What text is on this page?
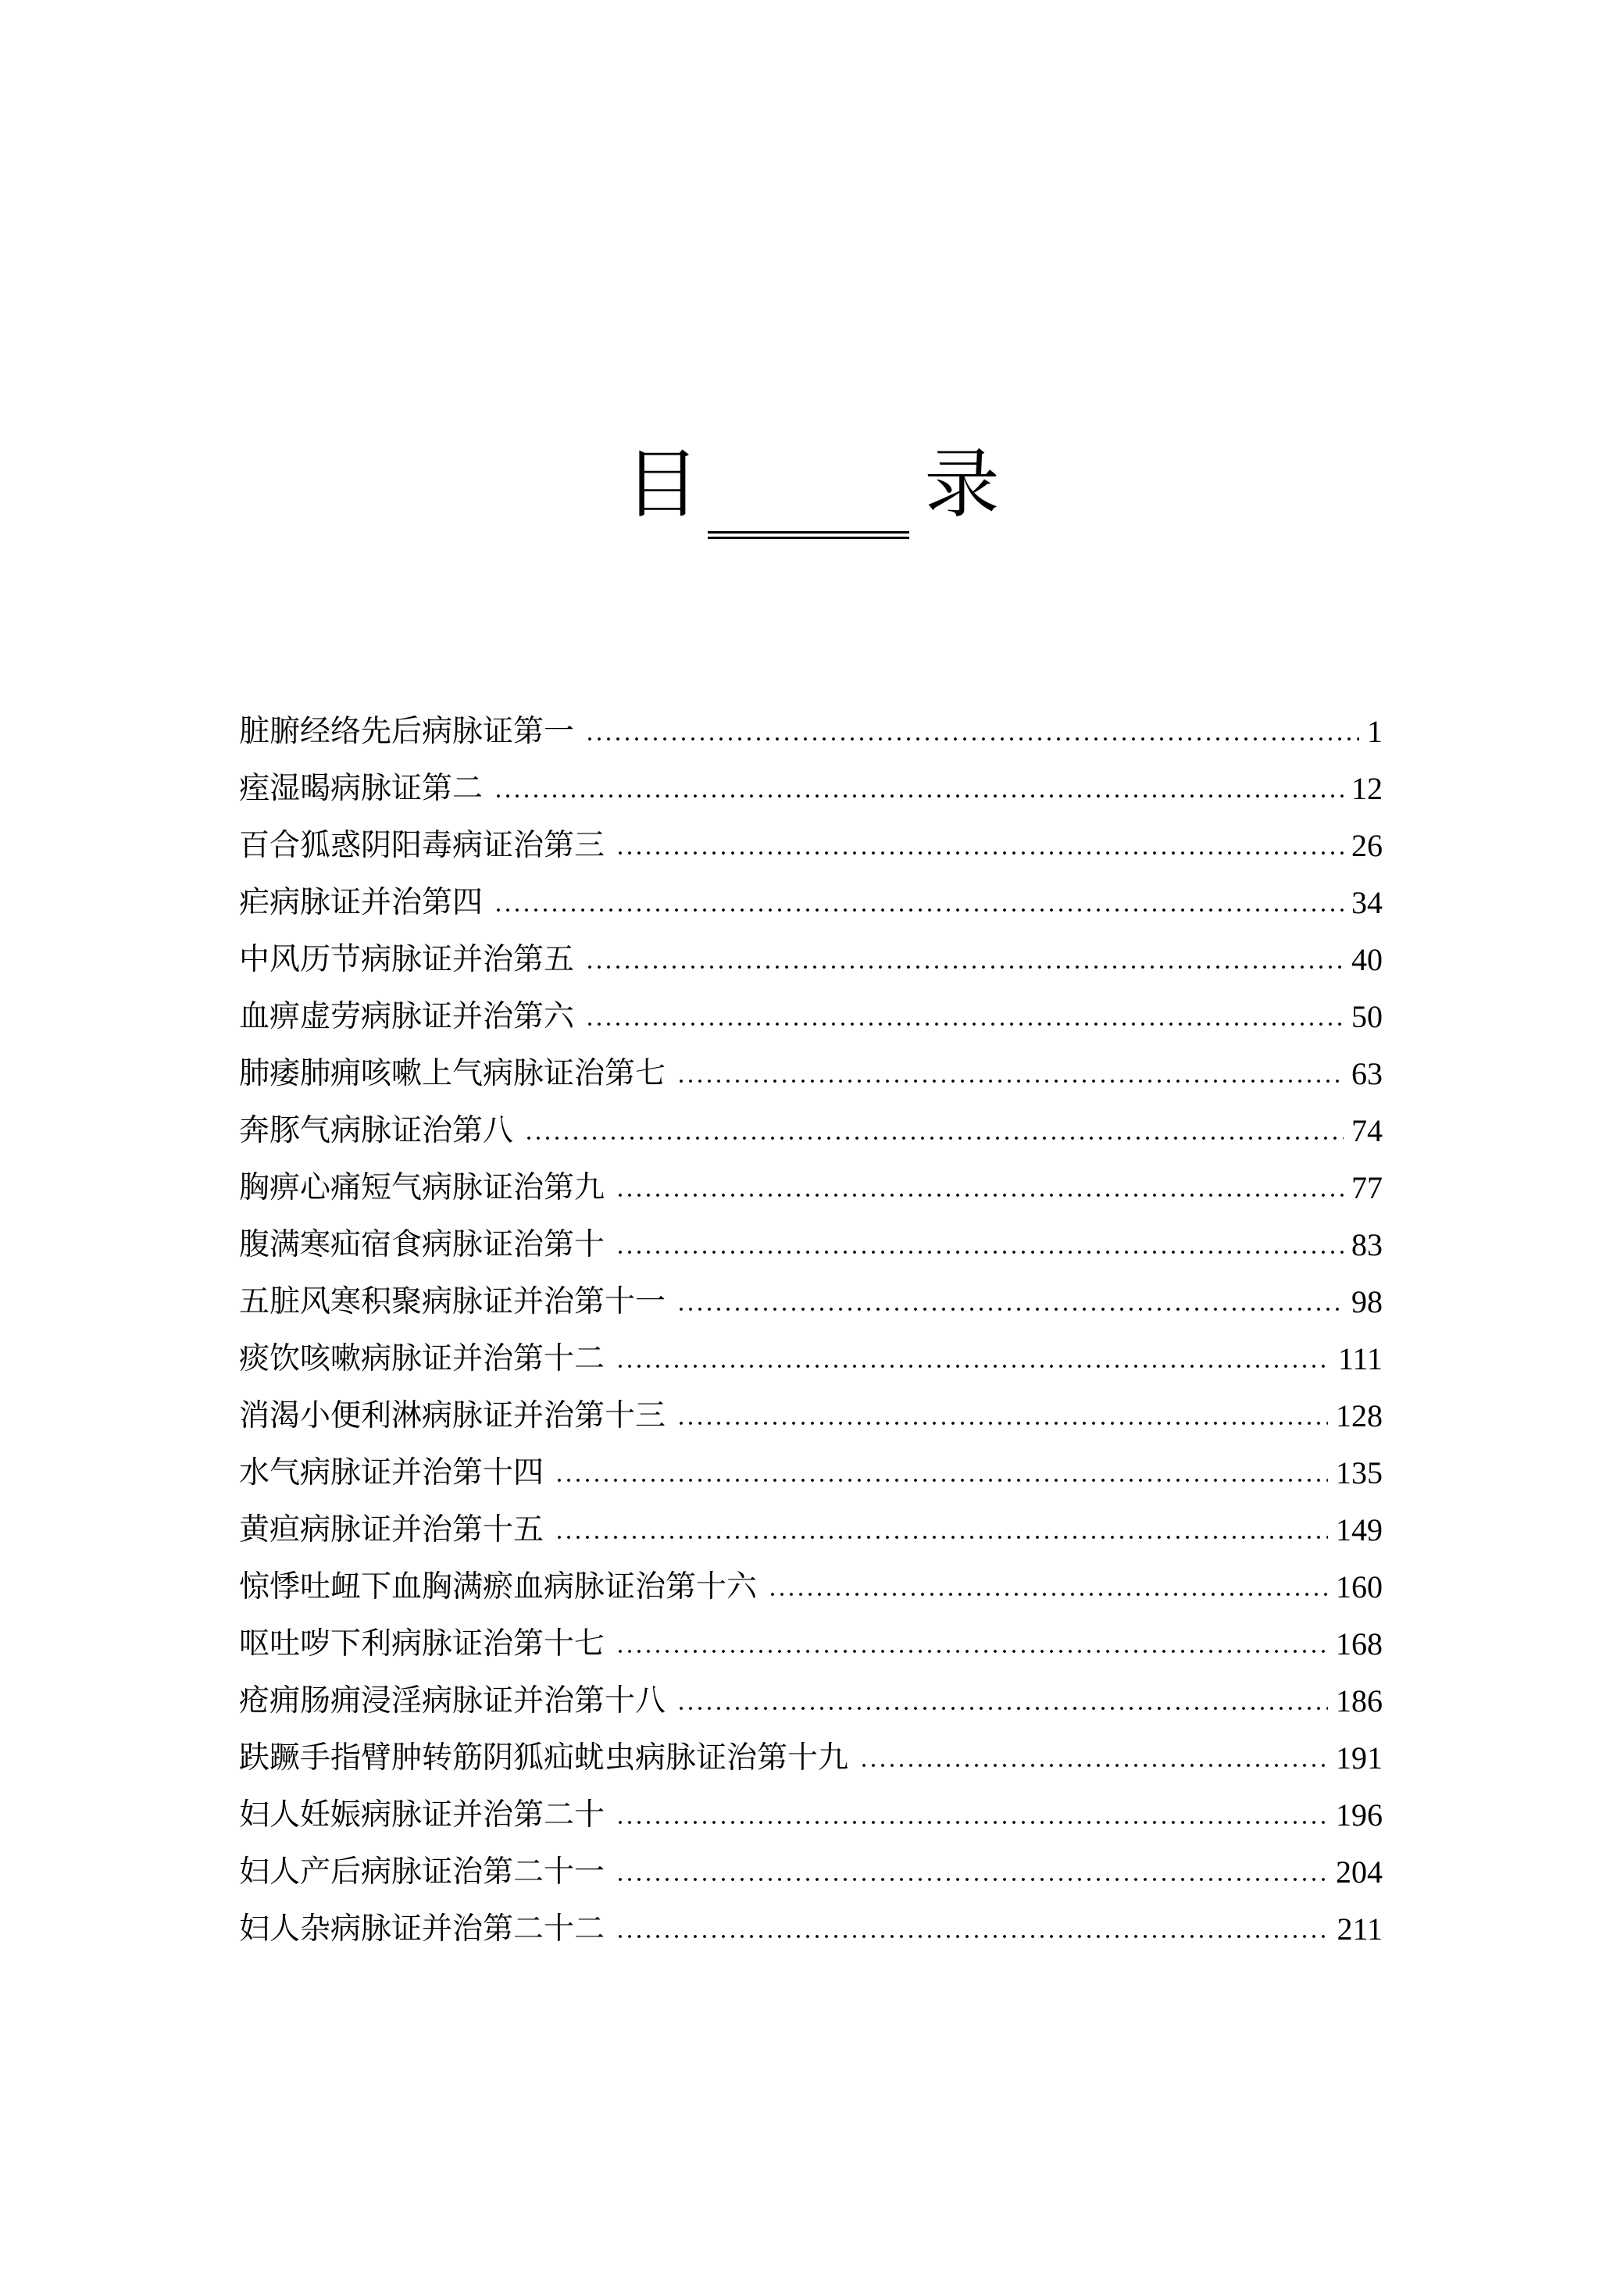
目　录
脏腑经络先后病脉证第一	1
痓湿暍病脉证第二	12
百合狐惑阴阳毒病证治第三	26
疟病脉证并治第四	34
中风历节病脉证并治第五	40
血痹虚劳病脉证并治第六	50
肺痿肺痈咳嗽上气病脉证治第七	63
奔豚气病脉证治第八	74
胸痹心痛短气病脉证治第九	77
腹满寒疝宿食病脉证治第十	83
五脏风寒积聚病脉证并治第十一	98
痰饮咳嗽病脉证并治第十二	111
消渴小便利淋病脉证并治第十三	128
水气病脉证并治第十四	135
黄疸病脉证并治第十五	149
惊悸吐衄下血胸满瘀血病脉证治第十六	160
呕吐哕下利病脉证治第十七	168
疮痈肠痈浸淫病脉证并治第十八	186
趺蹶手指臂肿转筋阴狐疝蚘虫病脉证治第十九	191
妇人妊娠病脉证并治第二十	196
妇人产后病脉证治第二十一	204
妇人杂病脉证并治第二十二	211
